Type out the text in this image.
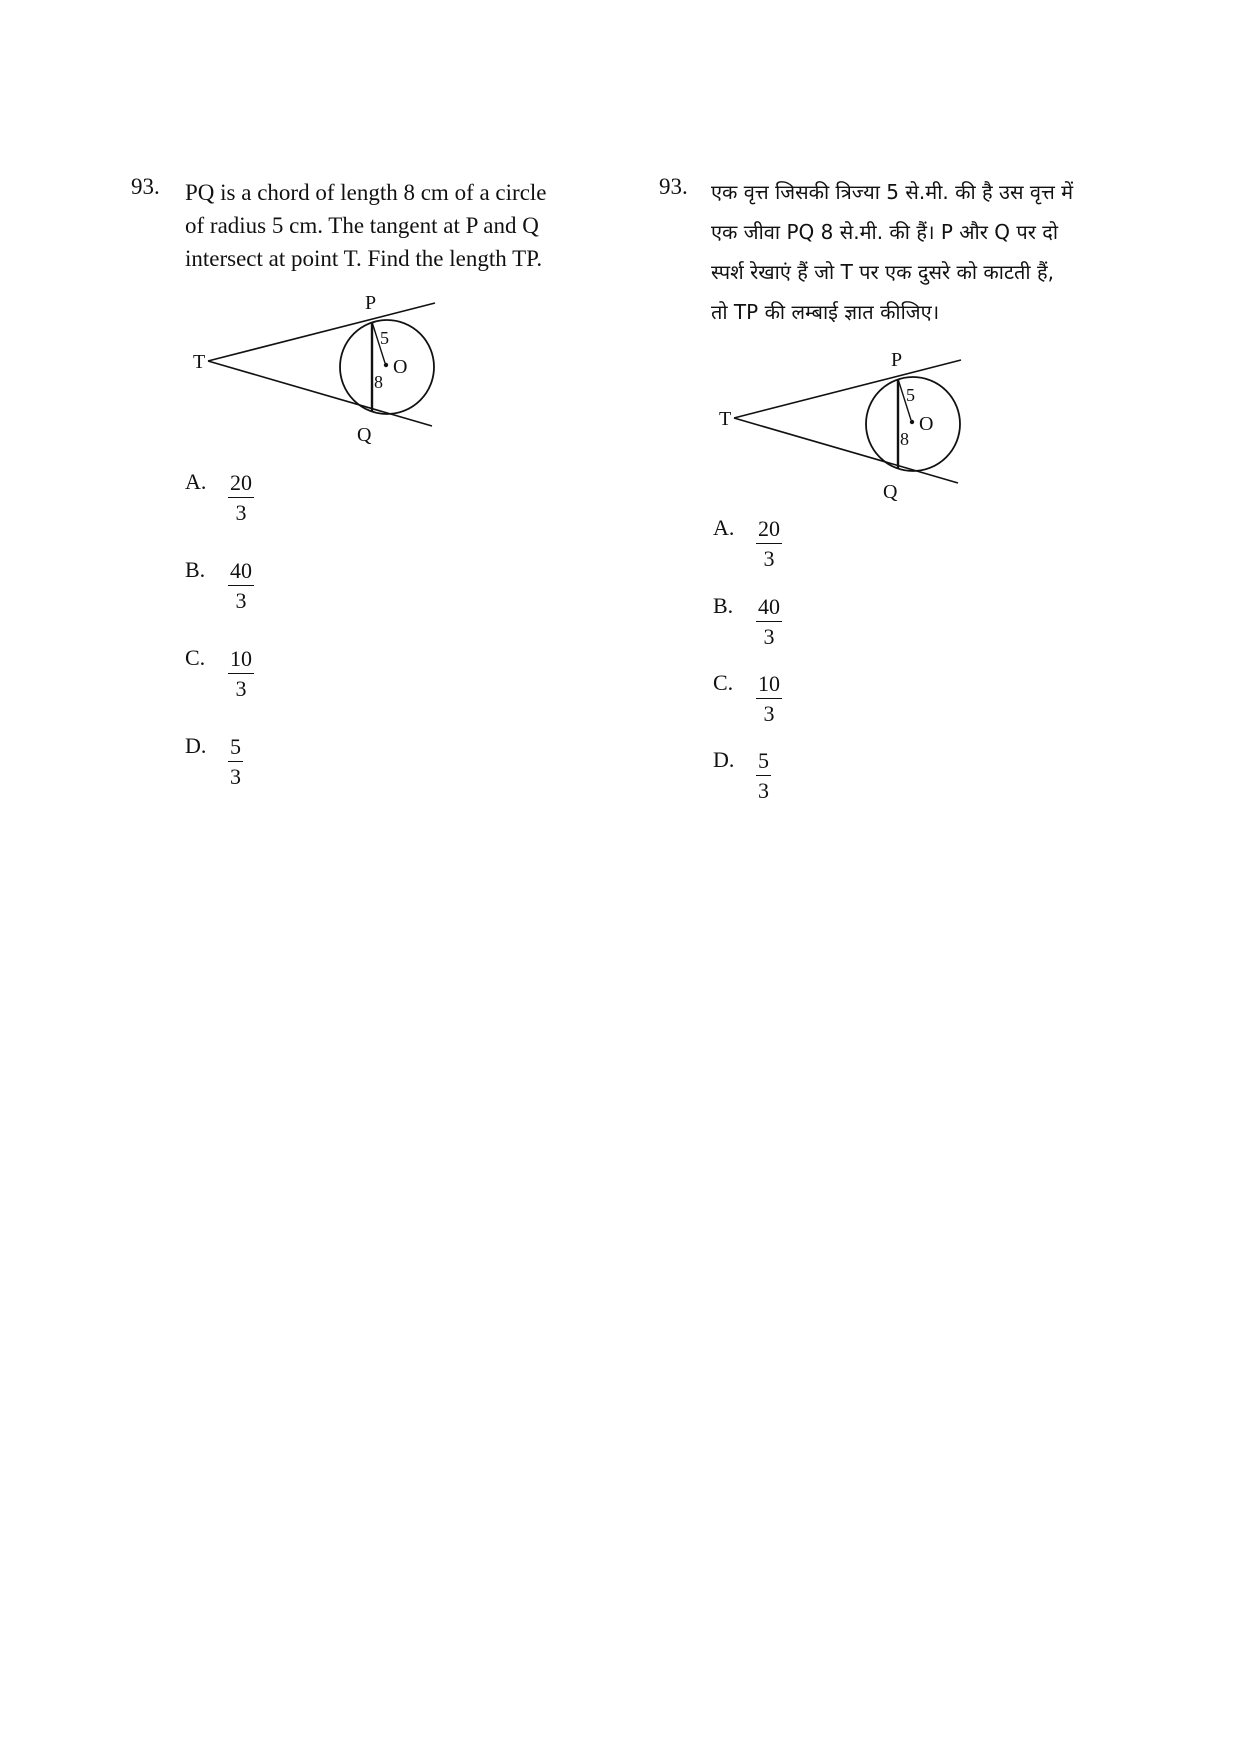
93. PQ is a chord of length 8 cm of a circle
of radius 5 cm. The tangent at P and Q
intersect at point T. Find the length TP.
T
P
Q
O
5
8
A. $\frac{20}{3}$
B. $\frac{40}{3}$
C. $\frac{10}{3}$
D. $\frac{5}{3}$
93. एक वृत्त जिसकी त्रिज्या 5 से.मी. की है उस वृत्त में
एक जीवा PQ 8 से.मी. की हैं। P और Q पर दो
स्पर्श रेखाएं हैं जो T पर एक दुसरे को काटती हैं,
तो TP की लम्बाई ज्ञात कीजिए।
T
P
Q
O
5
8
A. $\frac{20}{3}$
B. $\frac{40}{3}$
C. $\frac{10}{3}$
D. $\frac{5}{3}$
